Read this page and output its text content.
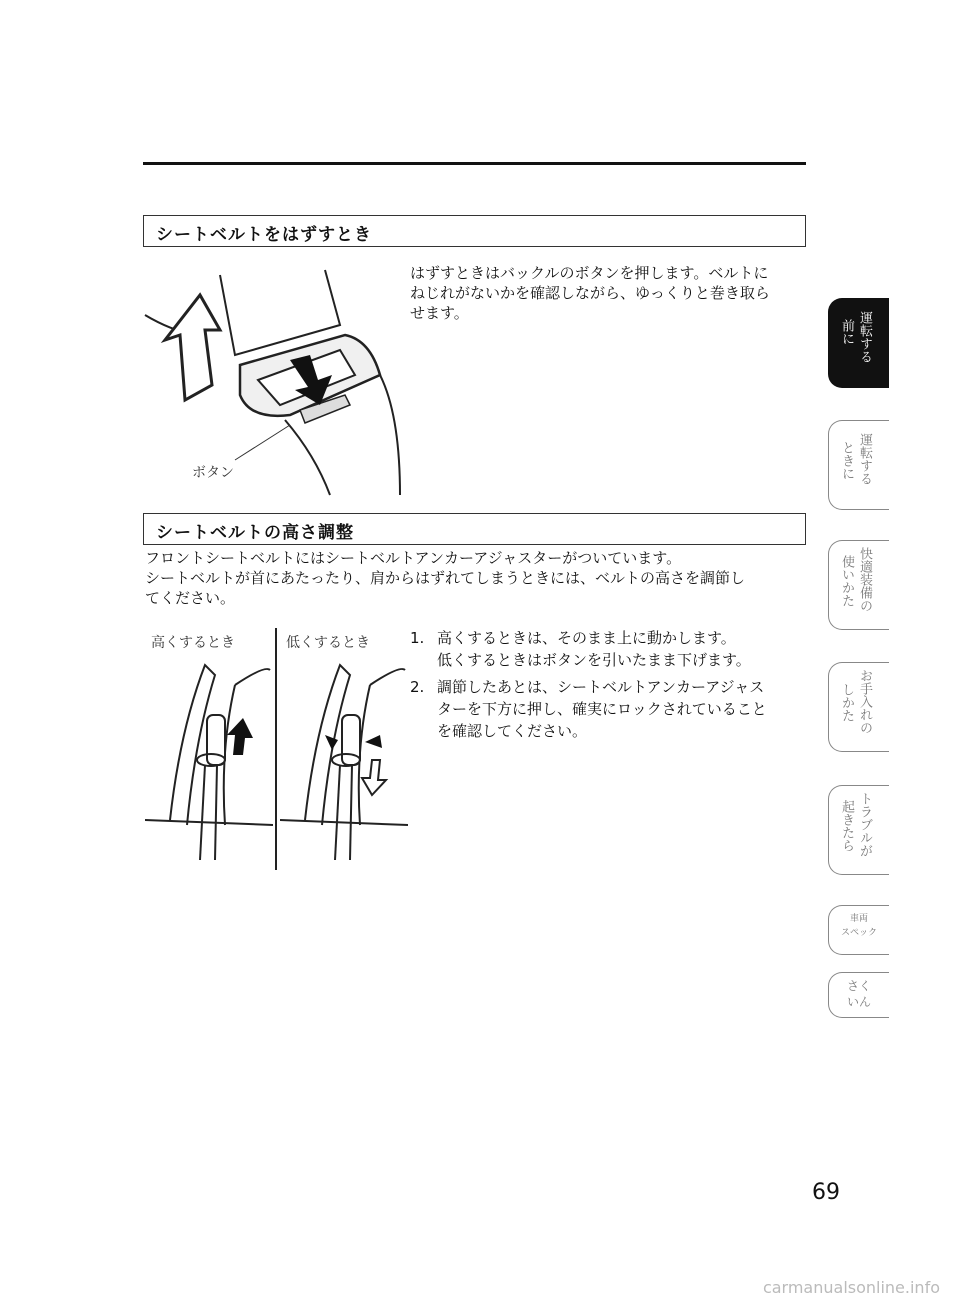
シートベルトをはずすとき
はずすときはバックルのボタンを押します。ベルトに
ねじれがないかを確認しながら、ゆっくりと巻き取ら
せます。
ボタン
シートベルトの高さ調整
フロントシートベルトにはシートベルトアンカーアジャスターがついています。
シートベルトが首にあたったり、肩からはずれてしまうときには、ベルトの高さを調節し
てください。
高くするとき	低くするとき	1. 高くするときは、そのまま上に動かします。
低くするときはボタンを引いたまま下げます。
2. 調節したあとは、シートベルトアンカーアジャス
ターを下方に押し、確実にロックされていること
を確認してください。
運転する
前に
運転する
ときに
快適装備の
使いかた
お手入れの
しかた
トラブルが
起きたら
車両
スペック
さく
いん
69
carmanualsonline.info
